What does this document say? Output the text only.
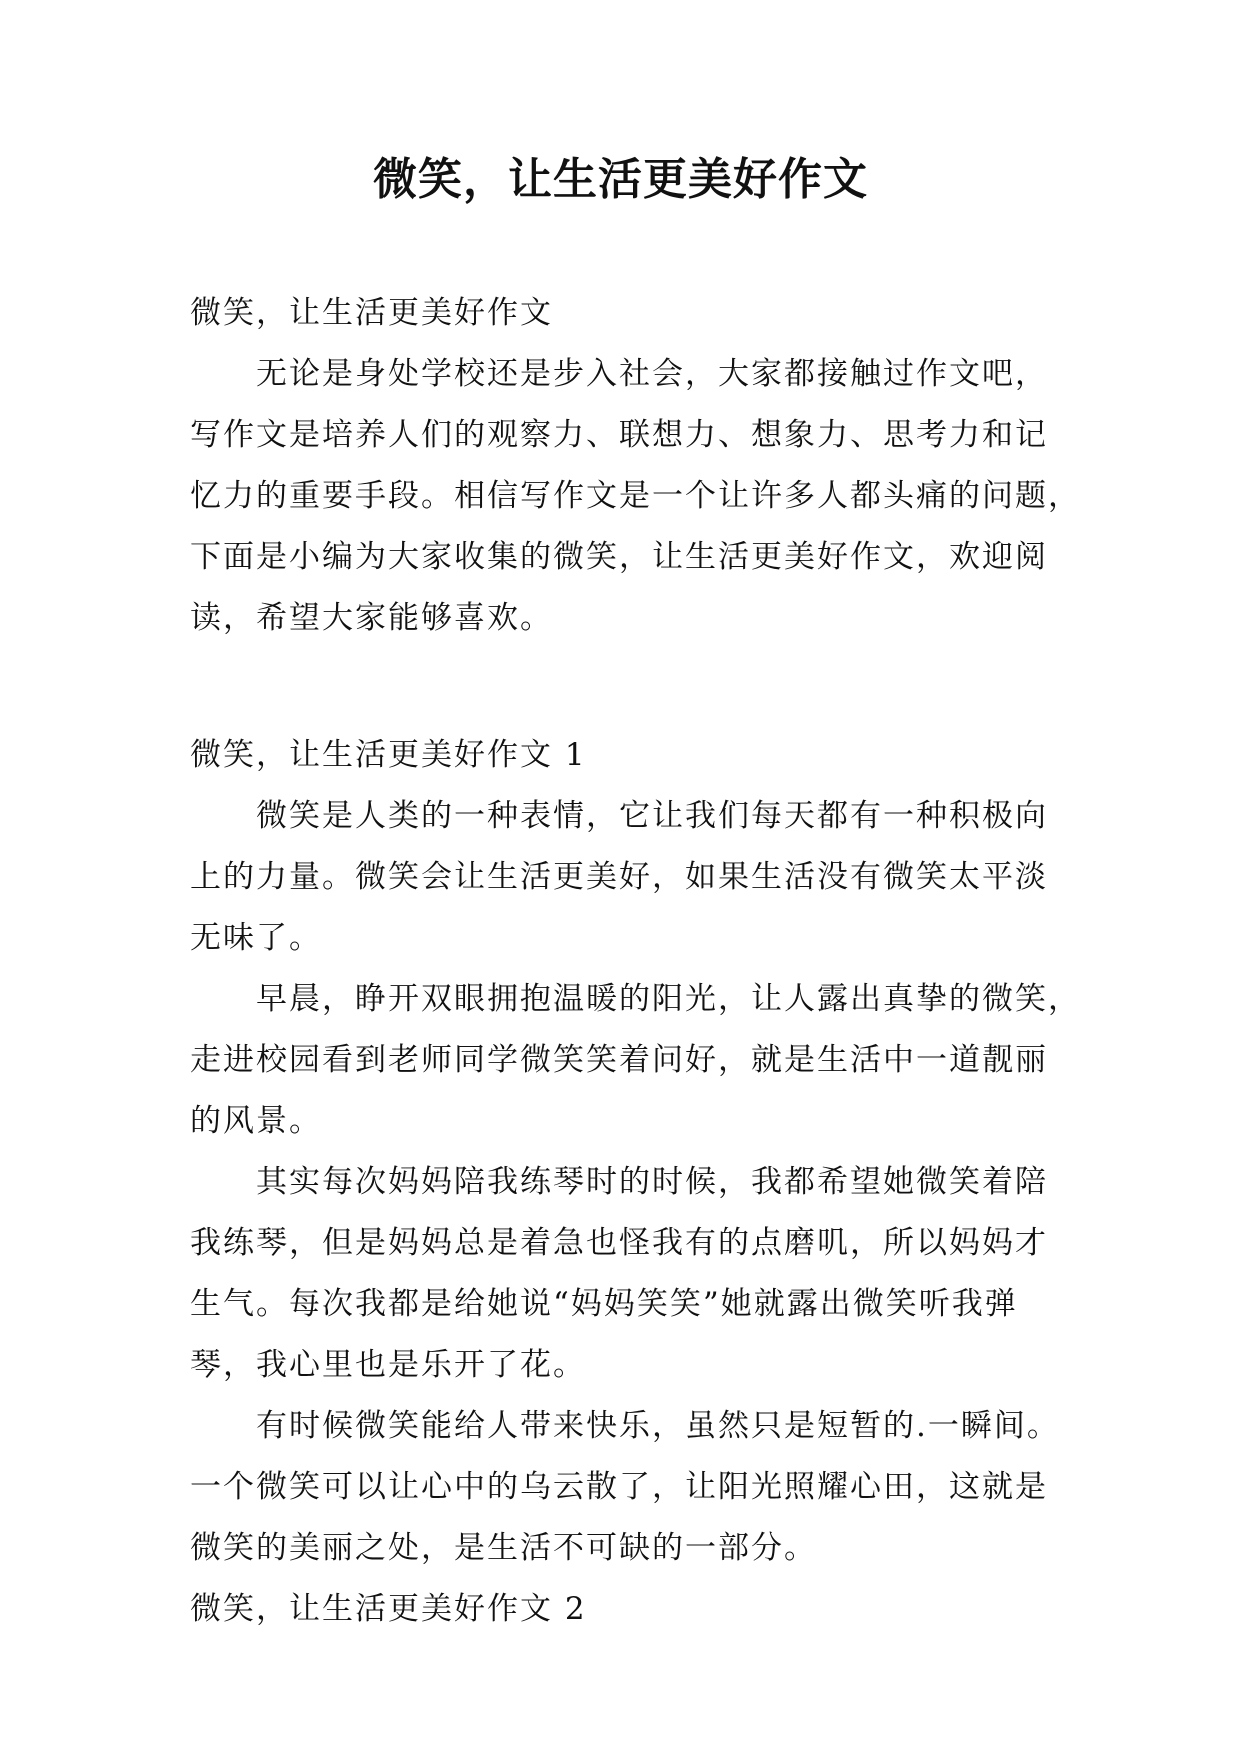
微笑，让生活更美好作文
微笑，让生活更美好作文
无论是身处学校还是步入社会，大家都接触过作文吧，
写作文是培养人们的观察力、联想力、想象力、思考力和记
忆力的重要手段。相信写作文是一个让许多人都头痛的问题，
下面是小编为大家收集的微笑，让生活更美好作文，欢迎阅
读，希望大家能够喜欢。
微笑，让生活更美好作文 1
微笑是人类的一种表情，它让我们每天都有一种积极向
上的力量。微笑会让生活更美好，如果生活没有微笑太平淡
无味了。
早晨，睁开双眼拥抱温暖的阳光，让人露出真挚的微笑，
走进校园看到老师同学微笑笑着问好，就是生活中一道靓丽
的风景。
其实每次妈妈陪我练琴时的时候，我都希望她微笑着陪
我练琴，但是妈妈总是着急也怪我有的点磨叽，所以妈妈才
生气。每次我都是给她说“妈妈笑笑”她就露出微笑听我弹
琴，我心里也是乐开了花。
有时候微笑能给人带来快乐，虽然只是短暂的.一瞬间。
一个微笑可以让心中的乌云散了，让阳光照耀心田，这就是
微笑的美丽之处，是生活不可缺的一部分。
微笑，让生活更美好作文 2
